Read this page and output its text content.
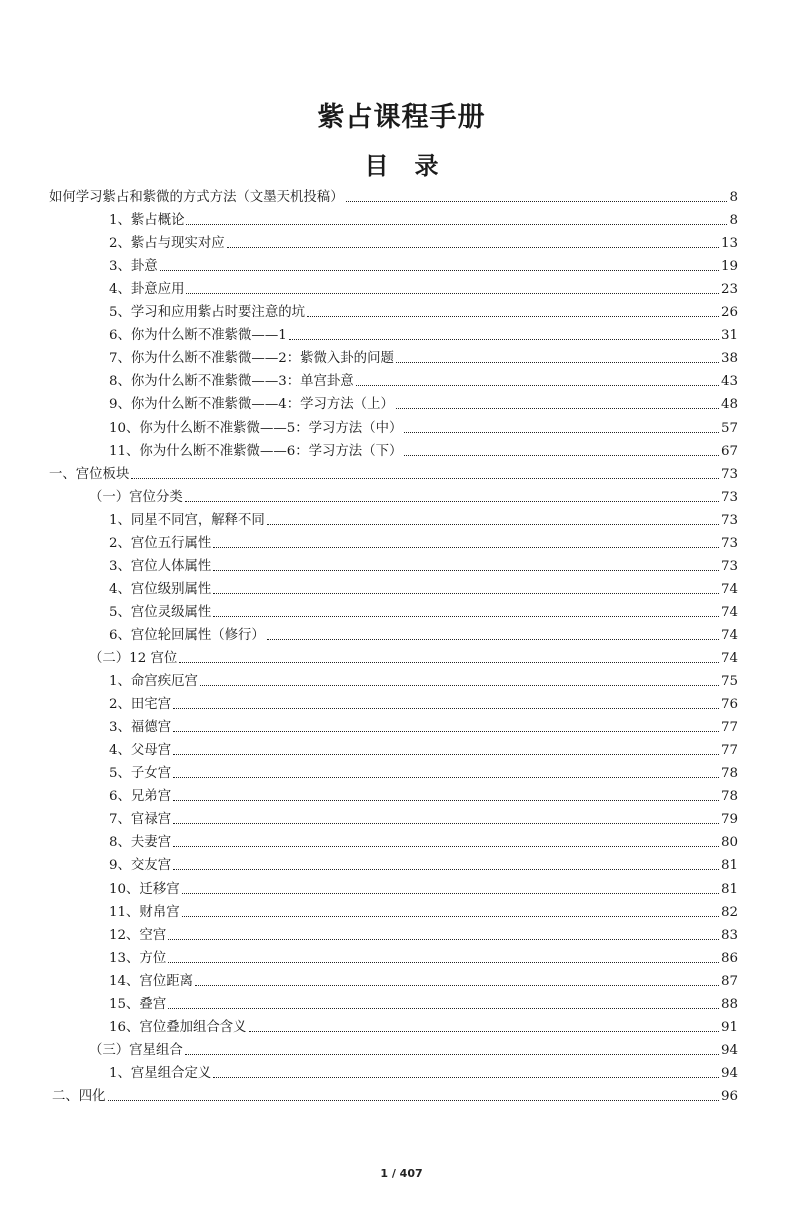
紫占课程手册
目 录
如何学习紫占和紫微的方式方法（文墨天机投稿）	8
1、紫占概论	8
2、紫占与现实对应	13
3、卦意	19
4、卦意应用	23
5、学习和应用紫占时要注意的坑	26
6、你为什么断不准紫微——1	31
7、你为什么断不准紫微——2：紫微入卦的问题	38
8、你为什么断不准紫微——3：单宫卦意	43
9、你为什么断不准紫微——4：学习方法（上）	48
10、你为什么断不准紫微——5：学习方法（中）	57
11、你为什么断不准紫微——6：学习方法（下）	67
一、宫位板块	73
（一）宫位分类	73
1、同星不同宫，解释不同	73
2、宫位五行属性	73
3、宫位人体属性	73
4、宫位级别属性	74
5、宫位灵级属性	74
6、宫位轮回属性（修行）	74
（二）12 宫位	74
1、命宫疾厄宫	75
2、田宅宫	76
3、福德宫	77
4、父母宫	77
5、子女宫	78
6、兄弟宫	78
7、官禄宫	79
8、夫妻宫	80
9、交友宫	81
10、迁移宫	81
11、财帛宫	82
12、空宫	83
13、方位	86
14、宫位距离	87
15、叠宫	88
16、宫位叠加组合含义	91
（三）宫星组合	94
1、宫星组合定义	94
二、四化	96
1 / 407
